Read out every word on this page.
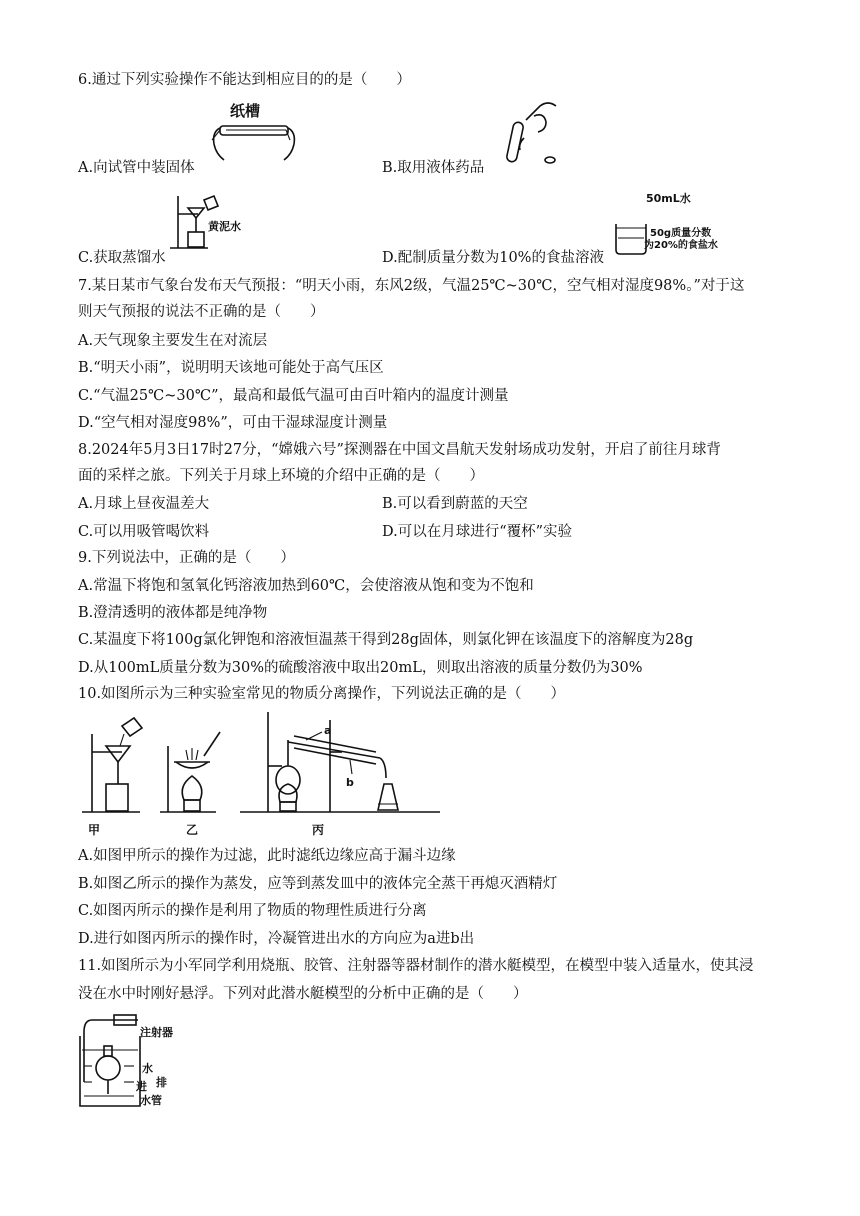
6.通过下列实验操作不能达到相应目的的是（　　）
纸槽
A.向试管中装固体	B.取用液体药品
黄泥水
C.获取蒸馏水
50mL水
50g质量分数
为20%的食盐水
D.配制质量分数为10%的食盐溶液
7.某日某市气象台发布天气预报：“明天小雨，东风2级，气温25℃~30℃，空气相对湿度98%。”对于这
则天气预报的说法不正确的是（　　）
A.天气现象主要发生在对流层
B.“明天小雨”，说明明天该地可能处于高气压区
C.“气温25℃~30℃”，最高和最低气温可由百叶箱内的温度计测量
D.“空气相对湿度98%”，可由干湿球湿度计测量
8.2024年5月3日17时27分，“嫦娥六号”探测器在中国文昌航天发射场成功发射，开启了前往月球背
面的采样之旅。下列关于月球上环境的介绍中正确的是（　　）
A.月球上昼夜温差大	B.可以看到蔚蓝的天空
C.可以用吸管喝饮料	D.可以在月球进行“覆杯”实验
9.下列说法中，正确的是（　　）
A.常温下将饱和氢氧化钙溶液加热到60℃，会使溶液从饱和变为不饱和
B.澄清透明的液体都是纯净物
C.某温度下将100g氯化钾饱和溶液恒温蒸干得到28g固体，则氯化钾在该温度下的溶解度为28g
D.从100mL质量分数为30%的硫酸溶液中取出20mL，则取出溶液的质量分数仍为30%
10.如图所示为三种实验室常见的物质分离操作，下列说法正确的是（　　）
甲	乙
a
b
丙
A.如图甲所示的操作为过滤，此时滤纸边缘应高于漏斗边缘
B.如图乙所示的操作为蒸发，应等到蒸发皿中的液体完全蒸干再熄灭酒精灯
C.如图丙所示的操作是利用了物质的物理性质进行分离
D.进行如图丙所示的操作时，冷凝管进出水的方向应为a进b出
11.如图所示为小军同学利用烧瓶、胶管、注射器等器材制作的潜水艇模型，在模型中装入适量水，使其浸
没在水中时刚好悬浮。下列对此潜水艇模型的分析中正确的是（　　）
注射器
水
进 排
水管
